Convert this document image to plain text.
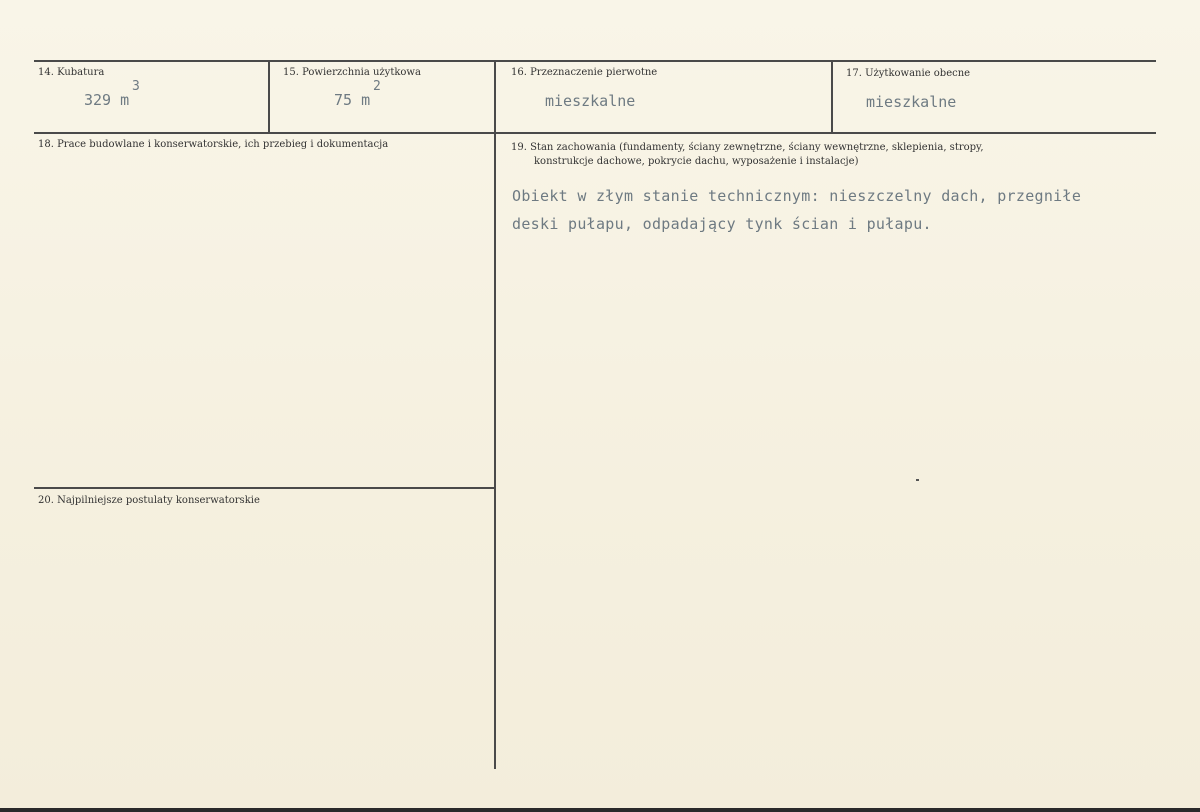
14. Kubatura
329 m
3
15. Powierzchnia użytkowa
75 m
2
16. Przeznaczenie pierwotne
mieszkalne
17. Użytkowanie obecne
mieszkalne
18. Prace budowlane i konserwatorskie, ich przebieg i dokumentacja	19. Stan zachowania (fundamenty, ściany zewnętrzne, ściany wewnętrzne, sklepienia, stropy,
konstrukcje dachowe, pokrycie dachu, wyposażenie i instalacje)
Obiekt w złym stanie technicznym: nieszczelny dach, przegniłe
deski pułapu, odpadający tynk ścian i pułapu.
20. Najpilniejsze postulaty konserwatorskie
